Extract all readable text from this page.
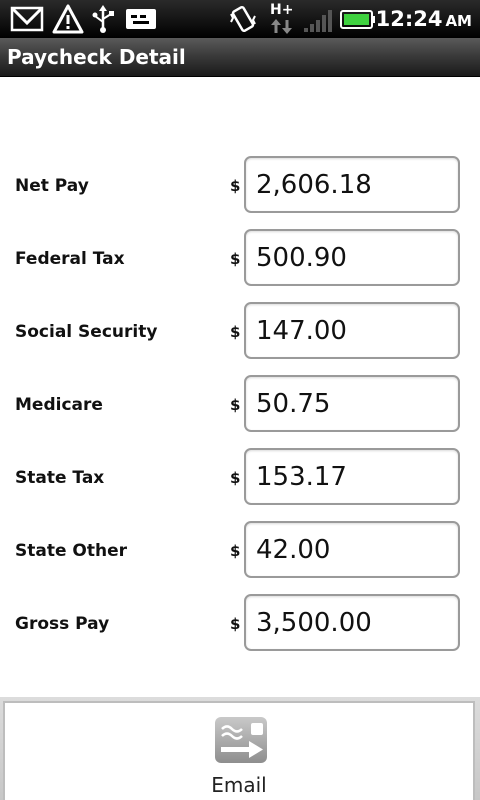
H+	12:24 AM
Paycheck Detail
Net Pay	$ 2,606.18
Federal Tax	$ 500.90
Social Security	$ 147.00
Medicare	$ 50.75
State Tax	$ 153.17
State Other	$ 42.00
Gross Pay	$ 3,500.00
Email
